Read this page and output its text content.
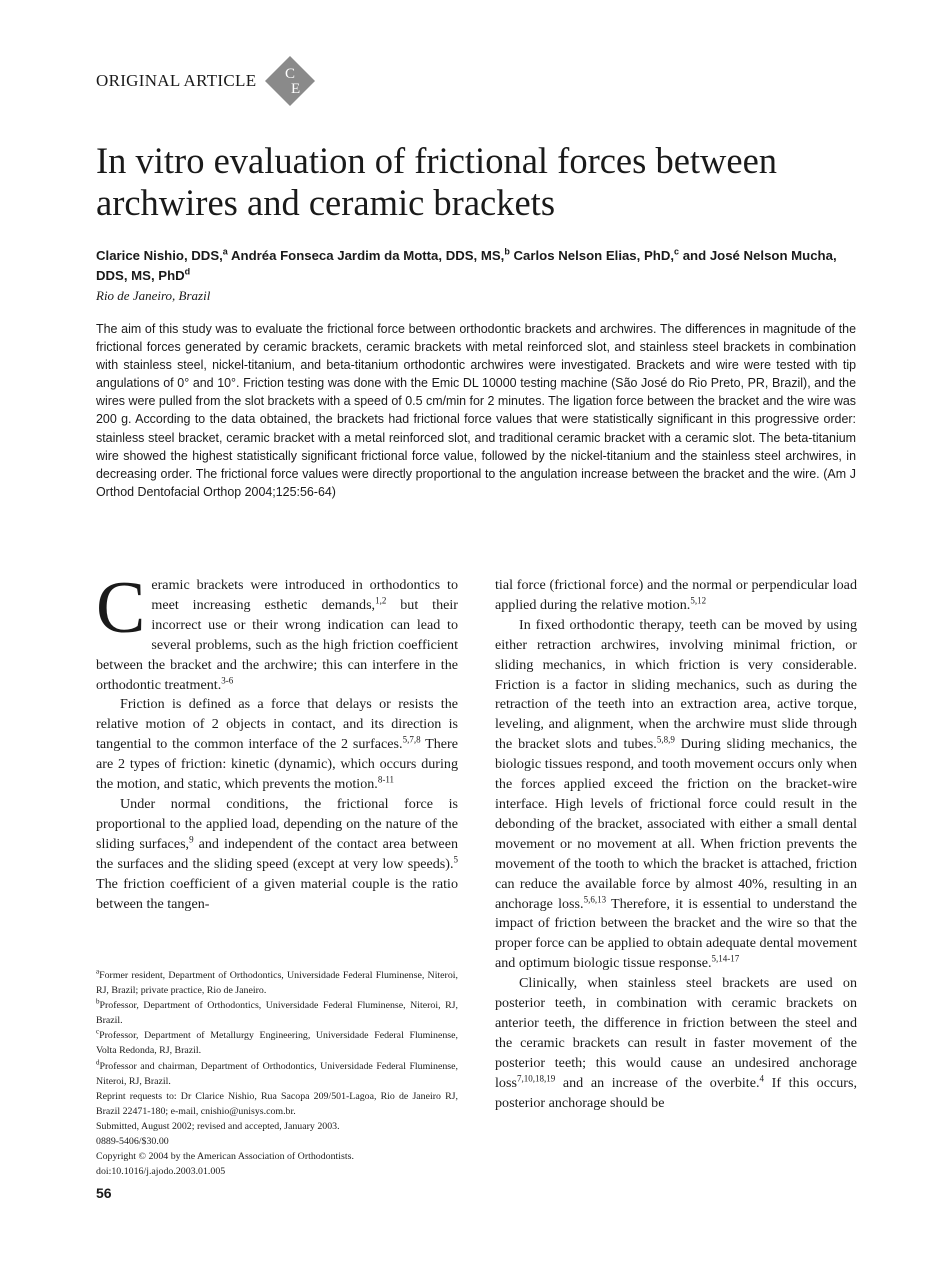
ORIGINAL ARTICLE C
E
In vitro evaluation of frictional forces between archwires and ceramic brackets
Clarice Nishio, DDS,$^a$ Andréa Fonseca Jardim da Motta, DDS, MS,$^b$ Carlos Nelson Elias, PhD,$^c$ and José Nelson Mucha, DDS, MS, PhD$^d$
Rio de Janeiro, Brazil

The aim of this study was to evaluate the frictional force between orthodontic brackets and archwires. The differences in magnitude of the frictional forces generated by ceramic brackets, ceramic brackets with metal reinforced slot, and stainless steel brackets in combination with stainless steel, nickel-titanium, and beta-titanium orthodontic archwires were investigated. Brackets and wire were tested with tip angulations of 0° and 10°. Friction testing was done with the Emic DL 10000 testing machine (São José do Rio Preto, PR, Brazil), and the wires were pulled from the slot brackets with a speed of 0.5 cm/min for 2 minutes. The ligation force between the bracket and the wire was 200 g. According to the data obtained, the brackets had frictional force values that were statistically significant in this progressive order: stainless steel bracket, ceramic bracket with a metal reinforced slot, and traditional ceramic bracket with a ceramic slot. The beta-titanium wire showed the highest statistically significant frictional force value, followed by the nickel-titanium and the stainless steel archwires, in decreasing order. The frictional force values were directly proportional to the angulation increase between the bracket and the wire. (Am J Orthod Dentofacial Orthop 2004;125:56-64)

Ceramic brackets were introduced in orthodontics to meet increasing esthetic demands,$^{1,2}$ but their incorrect use or their wrong indication can lead to several problems, such as the high friction coefficient between the bracket and the archwire; this can interfere in the orthodontic treatment.$^{3-6}$

Friction is defined as a force that delays or resists the relative motion of 2 objects in contact, and its direction is tangential to the common interface of the 2 surfaces.$^{5,7,8}$ There are 2 types of friction: kinetic (dynamic), which occurs during the motion, and static, which prevents the motion.$^{8-11}$

Under normal conditions, the frictional force is proportional to the applied load, depending on the nature of the sliding surfaces,$^9$ and independent of the contact area between the surfaces and the sliding speed (except at very low speeds).$^5$ The friction coefficient of a given material couple is the ratio between the tangen-

tial force (frictional force) and the normal or perpendicular load applied during the relative motion.$^{5,12}$

In fixed orthodontic therapy, teeth can be moved by using either retraction archwires, involving minimal friction, or sliding mechanics, in which friction is very considerable. Friction is a factor in sliding mechanics, such as during the retraction of the teeth into an extraction area, active torque, leveling, and alignment, when the archwire must slide through the bracket slots and tubes.$^{5,8,9}$ During sliding mechanics, the biologic tissues respond, and tooth movement occurs only when the forces applied exceed the friction on the bracket-wire interface. High levels of frictional force could result in the debonding of the bracket, associated with either a small dental movement or no movement at all. When friction prevents the movement of the tooth to which the bracket is attached, friction can reduce the available force by almost 40%, resulting in an anchorage loss.$^{5,6,13}$ Therefore, it is essential to understand the impact of friction between the bracket and the wire so that the proper force can be applied to obtain adequate dental movement and optimum biologic tissue response.$^{5,14-17}$

Clinically, when stainless steel brackets are used on posterior teeth, in combination with ceramic brackets on anterior teeth, the difference in friction between the steel and the ceramic brackets can result in faster movement of the posterior teeth; this would cause an undesired anchorage loss$^{7,10,18,19}$ and an increase of the overbite.$^4$ If this occurs, posterior anchorage should be

$^a$Former resident, Department of Orthodontics, Universidade Federal Fluminense, Niteroi, RJ, Brazil; private practice, Rio de Janeiro.

$^b$Professor, Department of Orthodontics, Universidade Federal Fluminense, Niteroi, RJ, Brazil.

$^c$Professor, Department of Metallurgy Engineering, Universidade Federal Fluminense, Volta Redonda, RJ, Brazil.

$^d$Professor and chairman, Department of Orthodontics, Universidade Federal Fluminense, Niteroi, RJ, Brazil.

Reprint requests to: Dr Clarice Nishio, Rua Sacopa 209/501-Lagoa, Rio de Janeiro RJ, Brazil 22471-180; e-mail, cnishio@unisys.com.br.

Submitted, August 2002; revised and accepted, January 2003.

0889-5406/$30.00

Copyright © 2004 by the American Association of Orthodontists.

doi:10.1016/j.ajodo.2003.01.005

56
